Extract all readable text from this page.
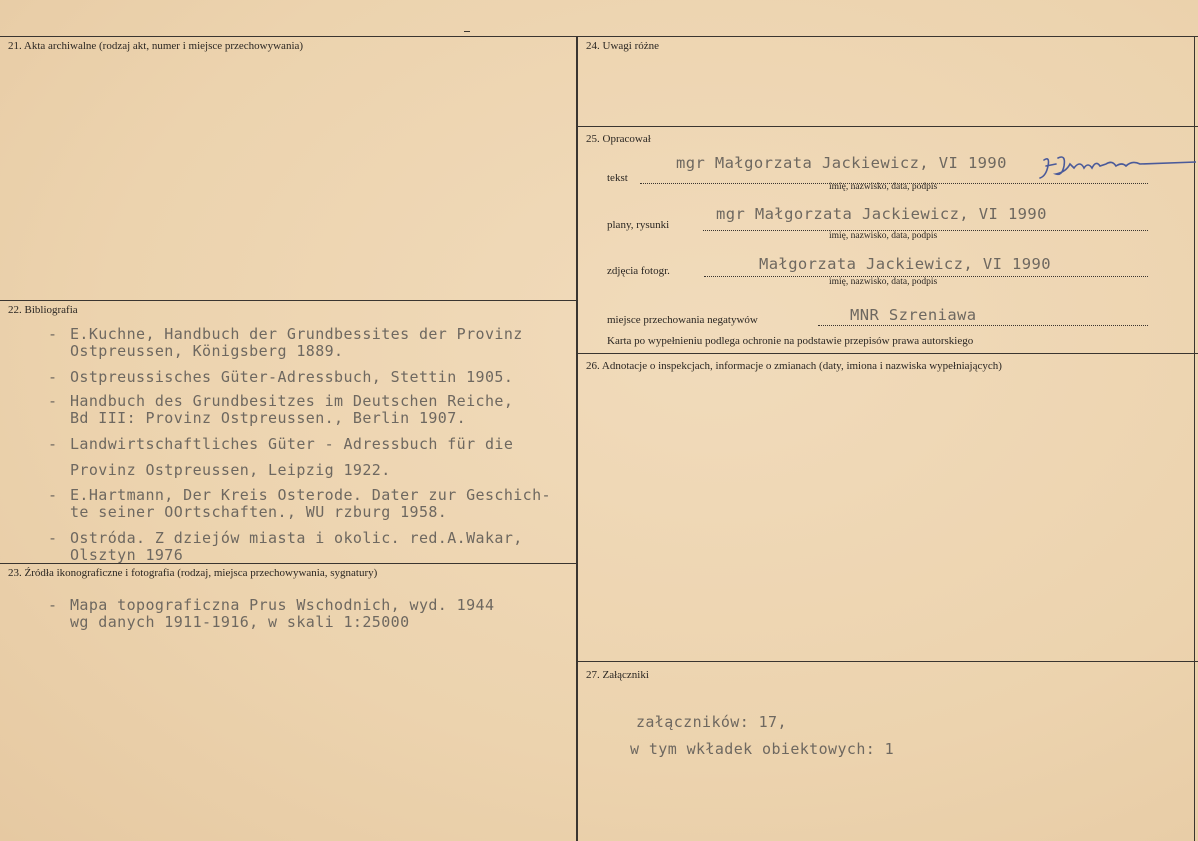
21. Akta archiwalne (rodzaj akt, numer i miejsce przechowywania)
22. Bibliografia
- E.Kuchne, Handbuch der Grundbessites der Provinz
Ostpreussen, Königsberg 1889.
- Ostpreussisches Güter-Adressbuch, Stettin 1905.
- Handbuch des Grundbesitzes im Deutschen Reiche,
Bd III: Provinz Ostpreussen., Berlin 1907.
- Landwirtschaftliches Güter - Adressbuch für die
Provinz Ostpreussen, Leipzig 1922.
- E.Hartmann, Der Kreis Osterode. Dater zur Geschich-
te seiner OOrtschaften., WU rzburg 1958.
- Ostróda. Z dziejów miasta i okolic. red.A.Wakar,
Olsztyn 1976
23. Źródła ikonograficzne i fotografia (rodzaj, miejsca przechowywania, sygnatury)
- Mapa topograficzna Prus Wschodnich, wyd. 1944
wg danych 1911-1916, w skali 1:25000
24. Uwagi różne
25. Opracował
tekst
mgr Małgorzata Jackiewicz, VI 1990
imię, nazwisko, data, podpis
plany, rysunki
mgr Małgorzata Jackiewicz, VI 1990
imię, nazwisko, data, podpis
zdjęcia fotogr.	Małgorzata Jackiewicz, VI 1990
imię, nazwisko, data, podpis
miejsce przechowania negatywów	MNR Szreniawa
Karta po wypełnieniu podlega ochronie na podstawie przepisów prawa autorskiego
26. Adnotacje o inspekcjach, informacje o zmianach (daty, imiona i nazwiska wypełniających)
27. Załączniki
załączników: 17,
w tym wkładek obiektowych: 1
